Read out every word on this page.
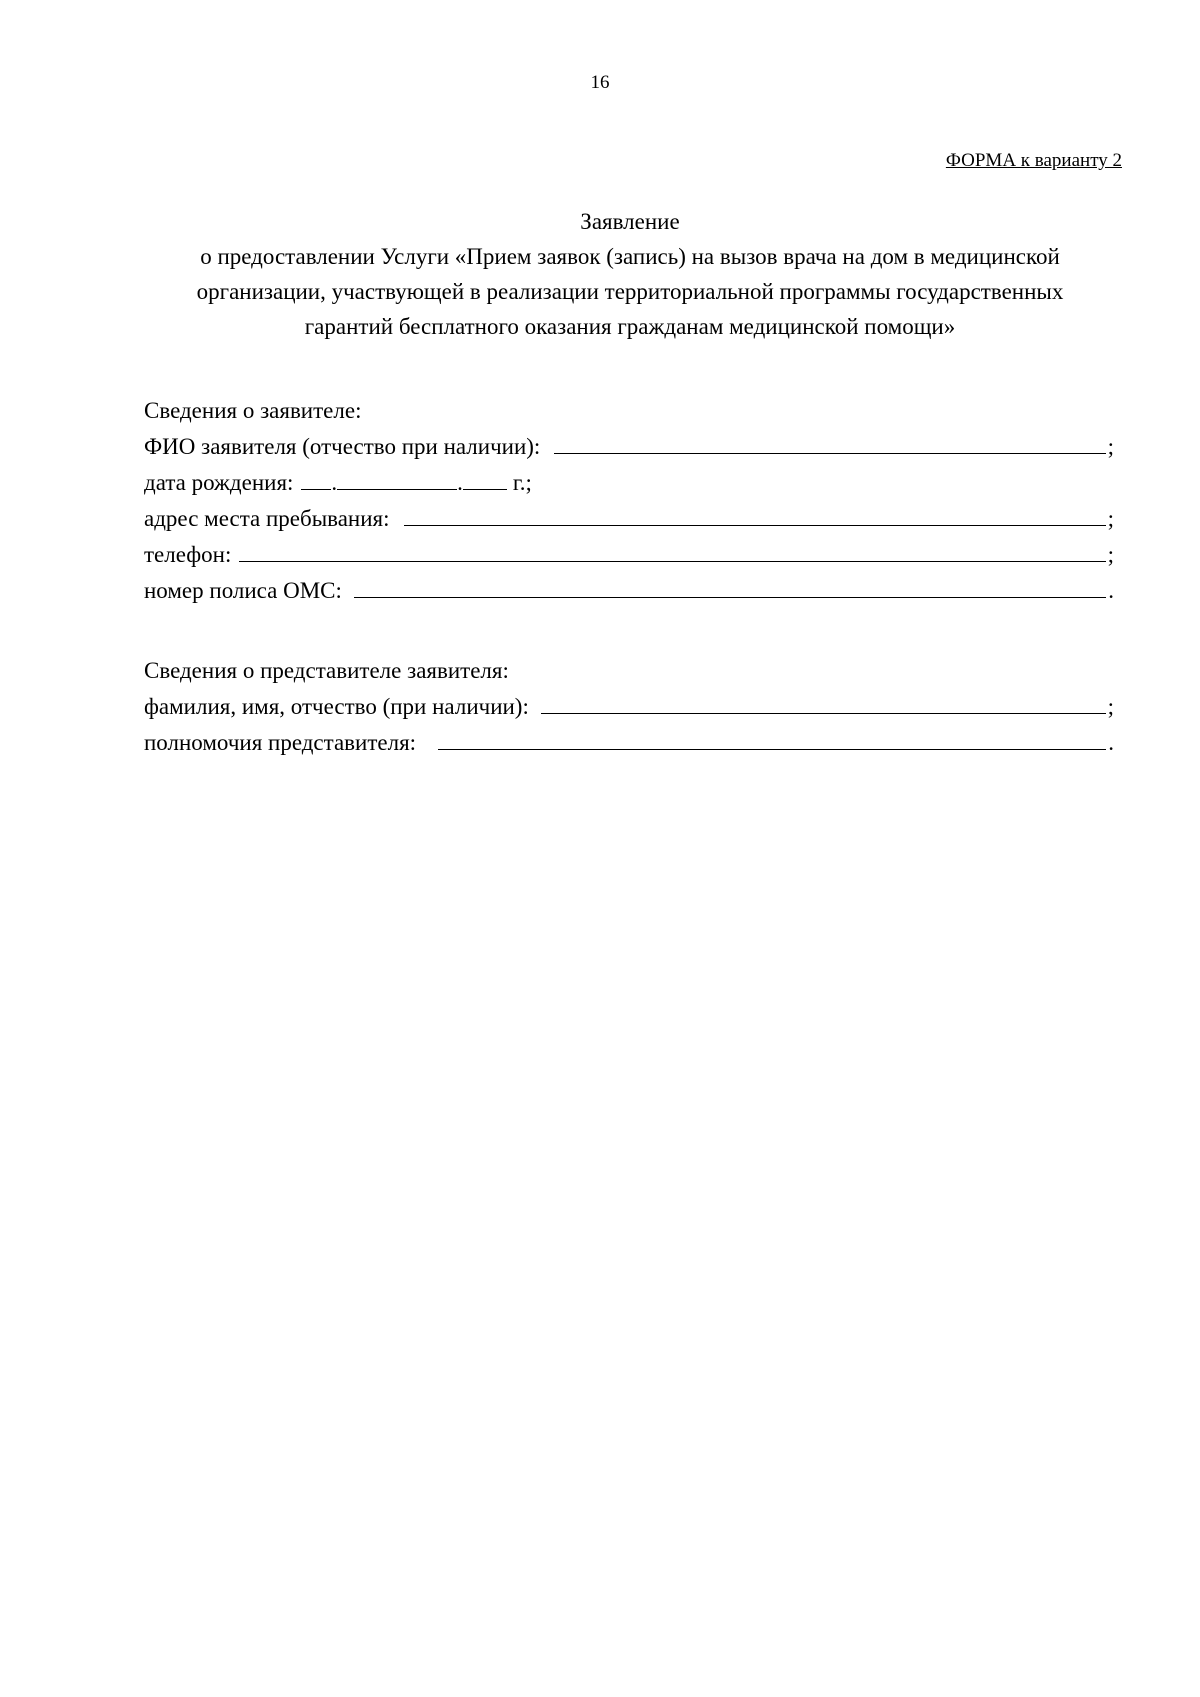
16
ФОРМА к варианту 2
Заявление
о предоставлении Услуги «Прием заявок (запись) на вызов врача на дом в медицинской
организации, участвующей в реализации территориальной программы государственных
гарантий бесплатного оказания гражданам медицинской помощи»
Сведения о заявителе:
ФИО заявителя (отчество при наличии):	;
дата рождения: .	. г.;
адрес места пребывания:	;
телефон:	;
номер полиса ОМС:	.
Сведения о представителе заявителя:
фамилия, имя, отчество (при наличии):	;
полномочия представителя:	.
